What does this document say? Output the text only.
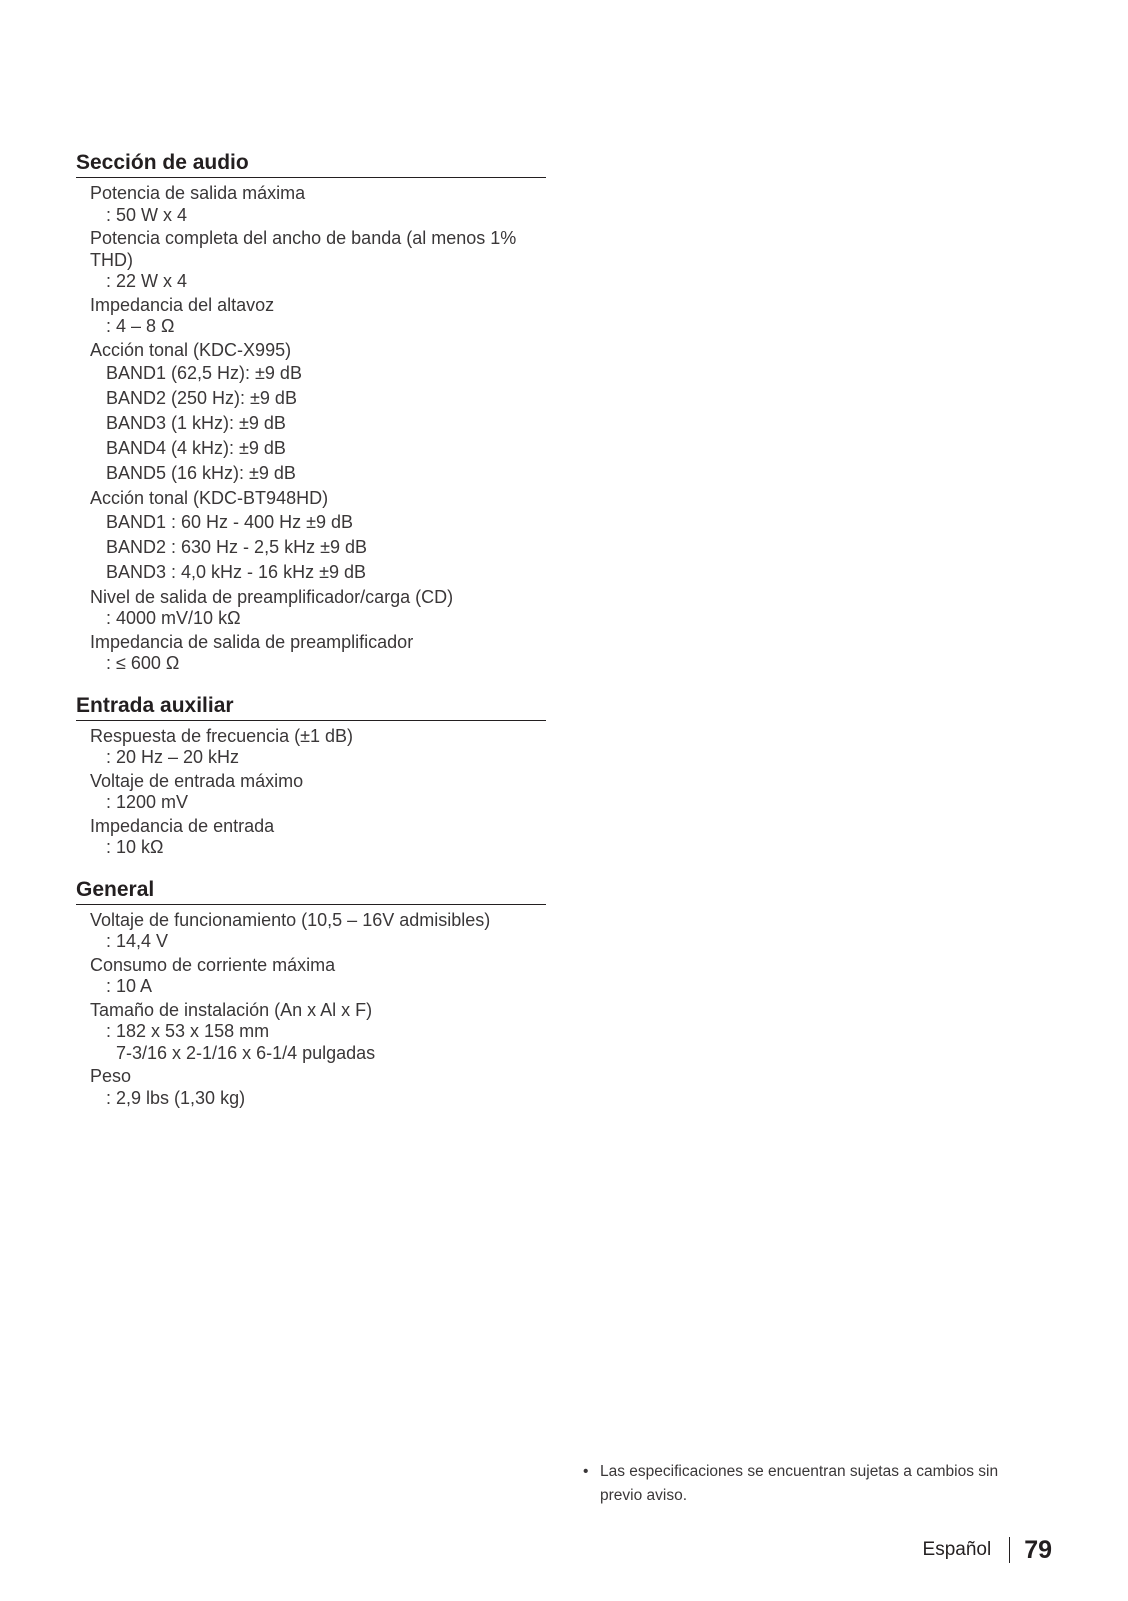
Sección de audio
Potencia de salida máxima
: 50 W x 4
Potencia completa del ancho de banda (al menos 1% THD)
: 22 W x 4
Impedancia del altavoz
: 4 – 8 Ω
Acción tonal (KDC-X995)
BAND1 (62,5 Hz): ±9 dB
BAND2 (250 Hz): ±9 dB
BAND3 (1 kHz): ±9 dB
BAND4 (4 kHz): ±9 dB
BAND5 (16 kHz): ±9 dB
Acción tonal (KDC-BT948HD)
BAND1 : 60 Hz - 400 Hz ±9 dB
BAND2 : 630 Hz - 2,5 kHz ±9 dB
BAND3 : 4,0 kHz - 16 kHz ±9 dB
Nivel de salida de preamplificador/carga (CD)
: 4000 mV/10 kΩ
Impedancia de salida de preamplificador
: ≤ 600 Ω
Entrada auxiliar
Respuesta de frecuencia (±1 dB)
: 20 Hz – 20 kHz
Voltaje de entrada máximo
: 1200 mV
Impedancia de entrada
: 10 kΩ
General
Voltaje de funcionamiento (10,5 – 16V admisibles)
: 14,4 V
Consumo de corriente máxima
: 10 A
Tamaño de instalación (An x Al x F)
: 182 x 53 x 158 mm
7-3/16 x 2-1/16 x 6-1/4 pulgadas
Peso
: 2,9 lbs (1,30 kg)
• Las especificaciones se encuentran sujetas a cambios sin previo aviso.
Español 79
